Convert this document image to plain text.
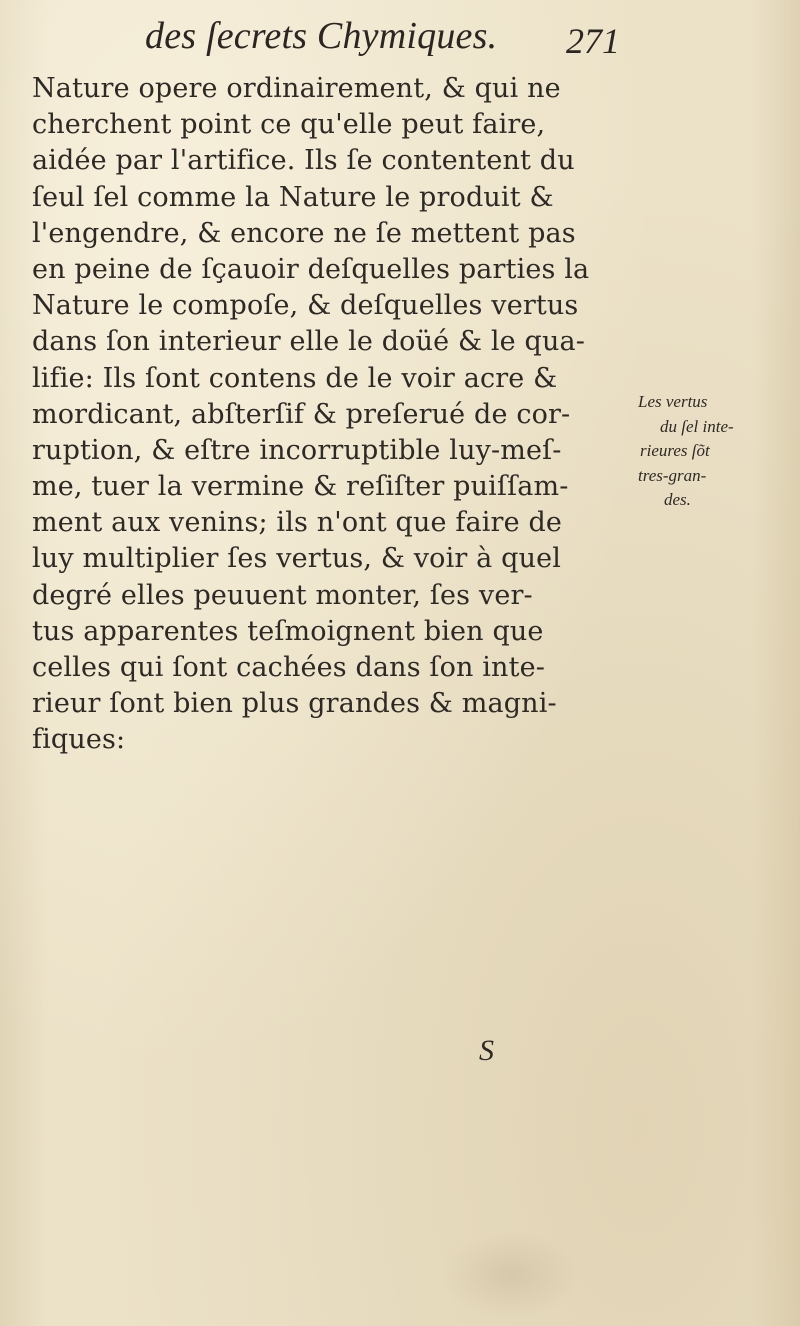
des ſecrets Chymiques. 271
Nature opere ordinairement, & qui ne
cherchent point ce qu'elle peut faire,
aidée par l'artifice. Ils ſe contentent du
ſeul ſel comme la Nature le produit &
l'engendre, & encore ne ſe mettent pas
en peine de ſçauoir deſquelles parties la
Nature le compoſe, & deſquelles vertus
dans ſon interieur elle le doüé & le qua-
lifie: Ils ſont contens de le voir acre &
mordicant, abſterſif & preſerué de cor-
ruption, & eſtre incorruptible luy-meſ-
me, tuer la vermine & reſiſter puiſſam-
ment aux venins; ils n'ont que faire de
luy multiplier ſes vertus, & voir à quel
degré elles peuuent monter, ſes ver-
tus apparentes teſmoignent bien que
celles qui ſont cachées dans ſon inte-
rieur ſont bien plus grandes & magni-
fiques:
Les vertus
du ſel inte-
rieures ſõt
tres-gran-
des.
S
